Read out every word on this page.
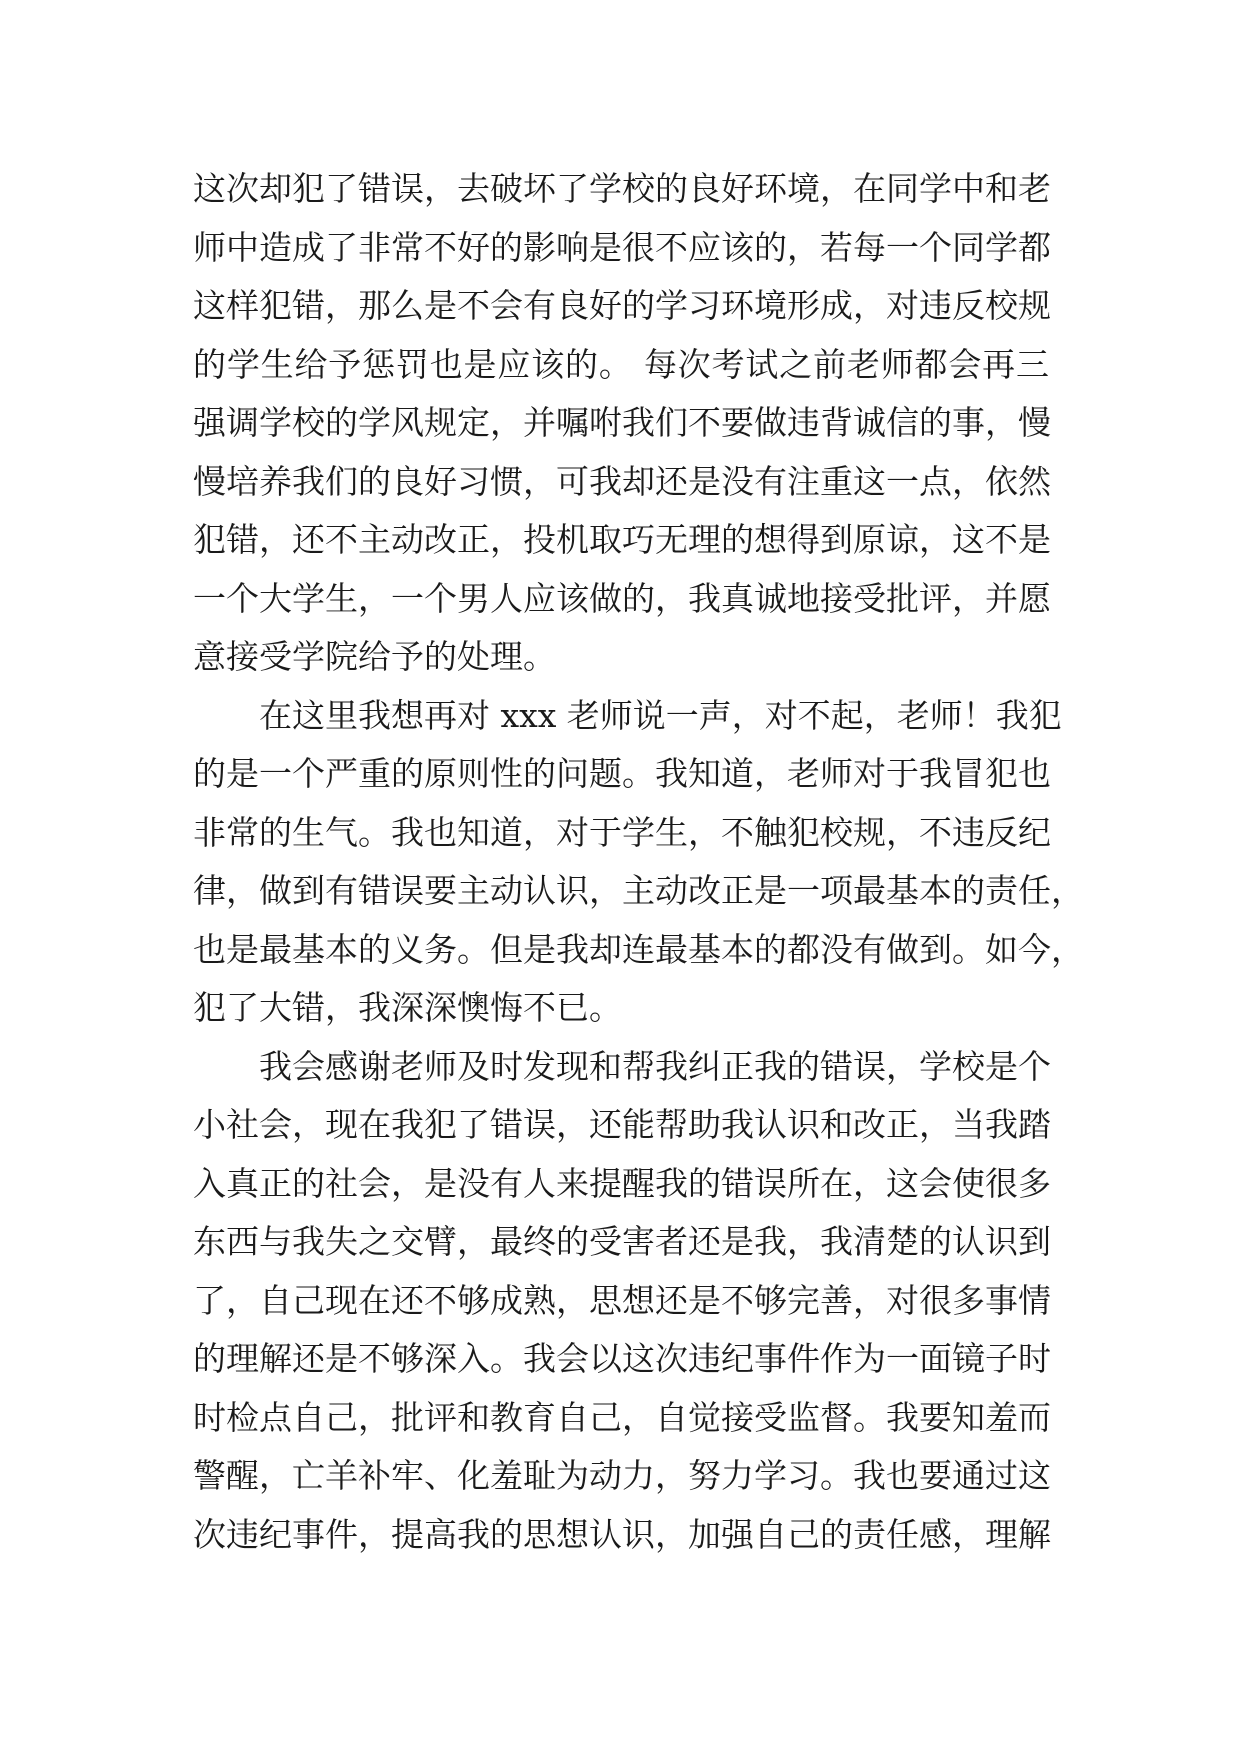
这次却犯了错误，去破坏了学校的良好环境，在同学中和老
师中造成了非常不好的影响是很不应该的，若每一个同学都
这样犯错，那么是不会有良好的学习环境形成，对违反校规
的学生给予惩罚也是应该的。 每次考试之前老师都会再三
强调学校的学风规定，并嘱咐我们不要做违背诚信的事，慢
慢培养我们的良好习惯，可我却还是没有注重这一点，依然
犯错，还不主动改正，投机取巧无理的想得到原谅，这不是
一个大学生，一个男人应该做的，我真诚地接受批评，并愿
意接受学院给予的处理。
在这里我想再对 xxx 老师说一声，对不起，老师！我犯
的是一个严重的原则性的问题。我知道，老师对于我冒犯也
非常的生气。我也知道，对于学生，不触犯校规，不违反纪
律，做到有错误要主动认识，主动改正是一项最基本的责任，
也是最基本的义务。但是我却连最基本的都没有做到。如今，
犯了大错，我深深懊悔不已。
我会感谢老师及时发现和帮我纠正我的错误，学校是个
小社会，现在我犯了错误，还能帮助我认识和改正，当我踏
入真正的社会，是没有人来提醒我的错误所在，这会使很多
东西与我失之交臂，最终的受害者还是我，我清楚的认识到
了，自己现在还不够成熟，思想还是不够完善，对很多事情
的理解还是不够深入。我会以这次违纪事件作为一面镜子时
时检点自己，批评和教育自己，自觉接受监督。我要知羞而
警醒，亡羊补牢、化羞耻为动力，努力学习。我也要通过这
次违纪事件，提高我的思想认识，加强自己的责任感，理解
